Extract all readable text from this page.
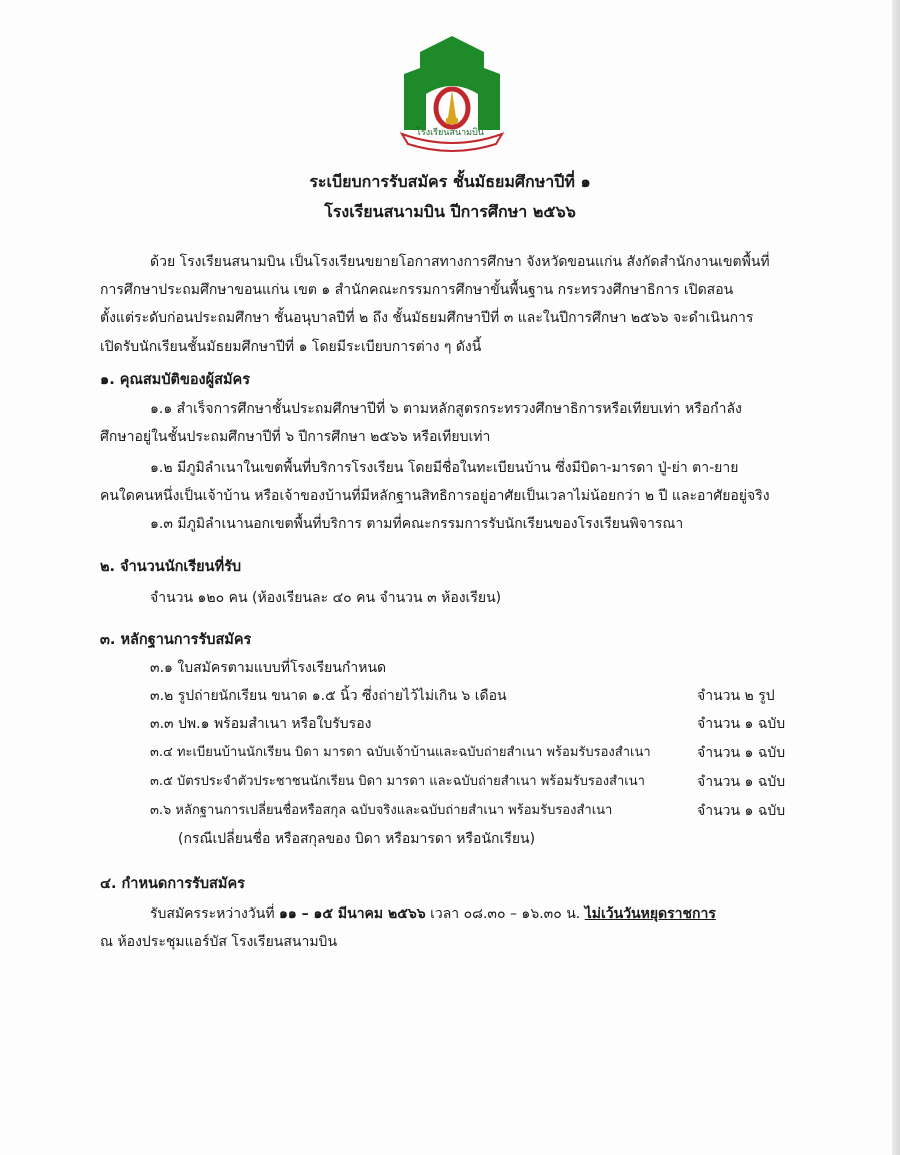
โรงเรียนสนามบิน
ระเบียบการรับสมัคร ชั้นมัธยมศึกษาปีที่ ๑
โรงเรียนสนามบิน ปีการศึกษา ๒๕๖๖
ด้วย โรงเรียนสนามบิน เป็นโรงเรียนขยายโอกาสทางการศึกษา จังหวัดขอนแก่น สังกัดสำนักงานเขตพื้นที่
การศึกษาประถมศึกษาขอนแก่น เขต ๑ สำนักคณะกรรมการศึกษาขั้นพื้นฐาน กระทรวงศึกษาธิการ เปิดสอน
ตั้งแต่ระดับก่อนประถมศึกษา ชั้นอนุบาลปีที่ ๒ ถึง ชั้นมัธยมศึกษาปีที่ ๓ และในปีการศึกษา ๒๕๖๖ จะดำเนินการ
เปิดรับนักเรียนชั้นมัธยมศึกษาปีที่ ๑ โดยมีระเบียบการต่าง ๆ ดังนี้
๑. คุณสมบัติของผู้สมัคร
๑.๑ สำเร็จการศึกษาชั้นประถมศึกษาปีที่ ๖ ตามหลักสูตรกระทรวงศึกษาธิการหรือเทียบเท่า หรือกำลัง
ศึกษาอยู่ในชั้นประถมศึกษาปีที่ ๖ ปีการศึกษา ๒๕๖๖ หรือเทียบเท่า
๑.๒ มีภูมิลำเนาในเขตพื้นที่บริการโรงเรียน โดยมีชื่อในทะเบียนบ้าน ซึ่งมีบิดา-มารดา ปู่-ย่า ตา-ยาย
คนใดคนหนึ่งเป็นเจ้าบ้าน หรือเจ้าของบ้านที่มีหลักฐานสิทธิการอยู่อาศัยเป็นเวลาไม่น้อยกว่า ๒ ปี และอาศัยอยู่จริง
๑.๓ มีภูมิลำเนานอกเขตพื้นที่บริการ ตามที่คณะกรรมการรับนักเรียนของโรงเรียนพิจารณา
๒. จำนวนนักเรียนที่รับ
จำนวน ๑๒๐ คน (ห้องเรียนละ ๔๐ คน จำนวน ๓ ห้องเรียน)
๓. หลักฐานการรับสมัคร
๓.๑ ใบสมัครตามแบบที่โรงเรียนกำหนด
๓.๒ รูปถ่ายนักเรียน ขนาด ๑.๕ นิ้ว ซึ่งถ่ายไว้ไม่เกิน ๖ เดือน	จำนวน ๒ รูป
๓.๓ ปพ.๑ พร้อมสำเนา หรือใบรับรอง	จำนวน ๑ ฉบับ
๓.๔ ทะเบียนบ้านนักเรียน บิดา มารดา ฉบับเจ้าบ้านและฉบับถ่ายสำเนา พร้อมรับรองสำเนา	จำนวน ๑ ฉบับ
๓.๕ บัตรประจำตัวประชาชนนักเรียน บิดา มารดา และฉบับถ่ายสำเนา พร้อมรับรองสำเนา	จำนวน ๑ ฉบับ
๓.๖ หลักฐานการเปลี่ยนชื่อหรือสกุล ฉบับจริงและฉบับถ่ายสำเนา พร้อมรับรองสำเนา	จำนวน ๑ ฉบับ
(กรณีเปลี่ยนชื่อ หรือสกุลของ บิดา หรือมารดา หรือนักเรียน)
๔. กำหนดการรับสมัคร
รับสมัครระหว่างวันที่ ๑๑ – ๑๕ มีนาคม ๒๕๖๖ เวลา ๐๘.๓๐ – ๑๖.๓๐ น. ไม่เว้นวันหยุดราชการ
ณ ห้องประชุมแอร์บัส โรงเรียนสนามบิน
